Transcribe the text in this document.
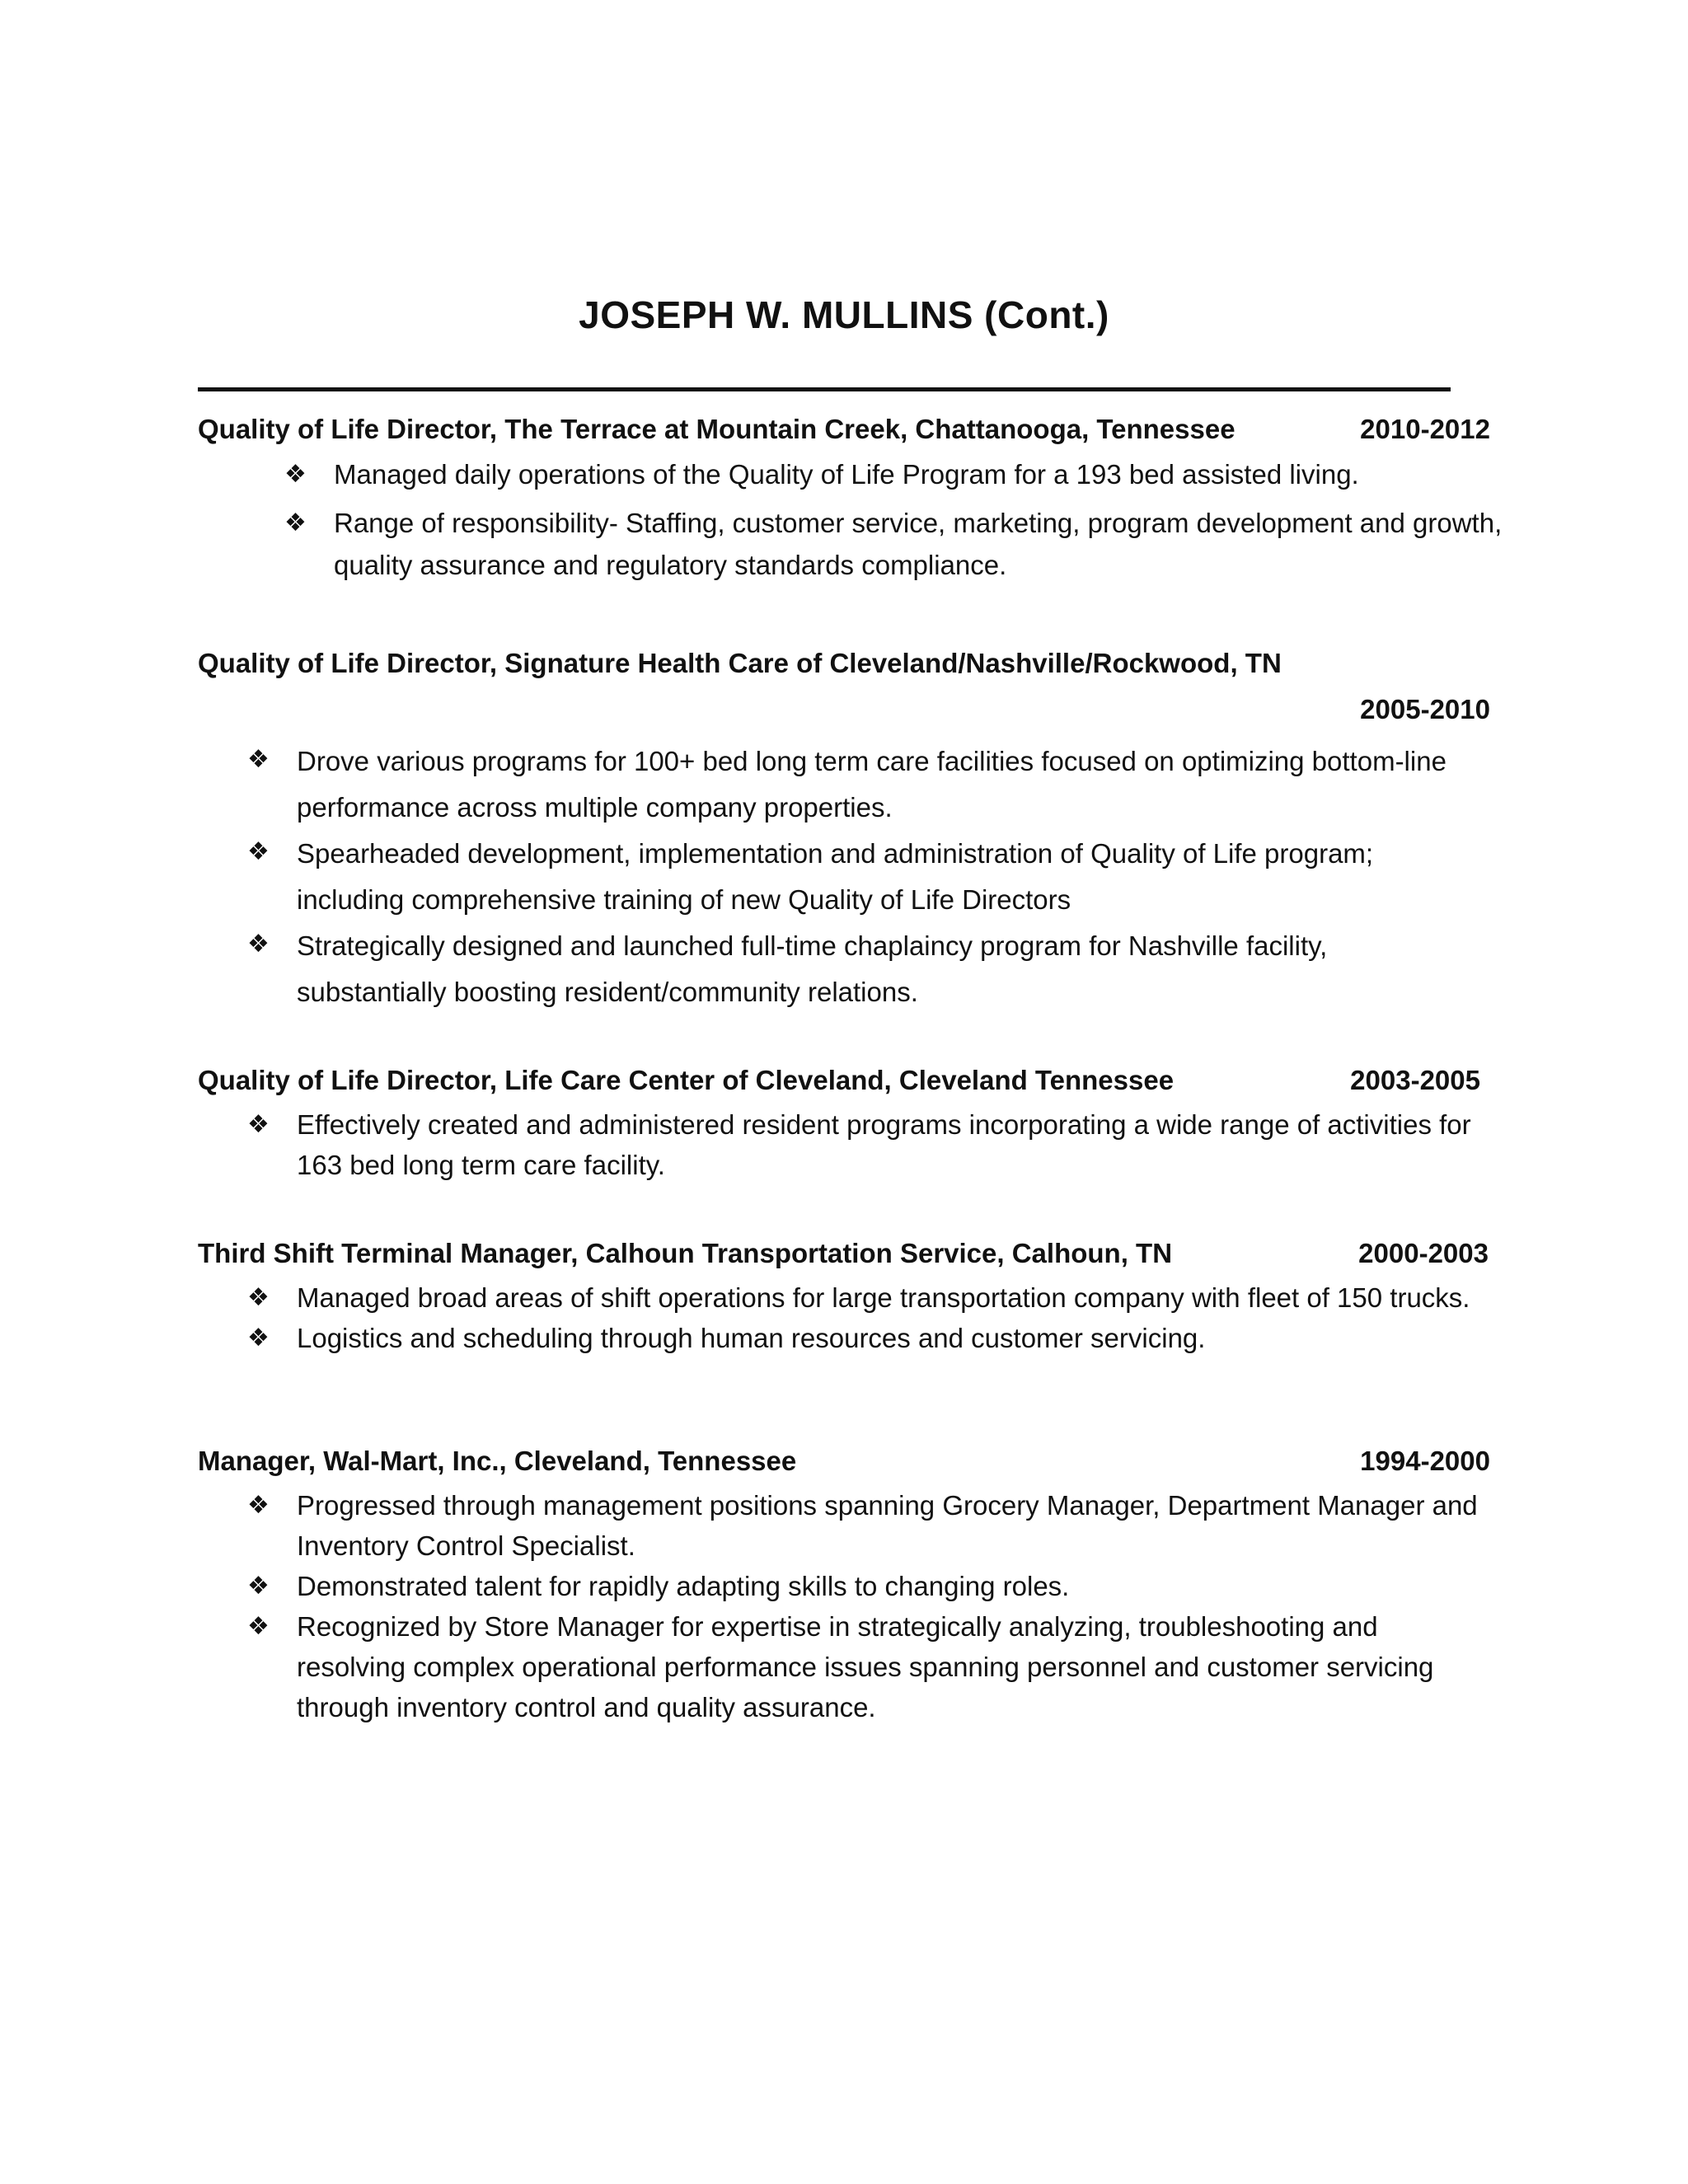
JOSEPH W. MULLINS (Cont.)
Quality of Life Director, The Terrace at Mountain Creek, Chattanooga, Tennessee	2010-2012
❖ Managed daily operations of the Quality of Life Program for a 193 bed assisted living.
❖ Range of responsibility- Staffing, customer service, marketing, program development and growth, quality assurance and regulatory standards compliance.
Quality of Life Director, Signature Health Care of Cleveland/Nashville/Rockwood, TN
2005-2010
❖ Drove various programs for 100+ bed long term care facilities focused on optimizing bottom-line performance across multiple company properties.
❖ Spearheaded development, implementation and administration of Quality of Life program; including comprehensive training of new Quality of Life Directors
❖ Strategically designed and launched full-time chaplaincy program for Nashville facility, substantially boosting resident/community relations.
Quality of Life Director, Life Care Center of Cleveland, Cleveland Tennessee	2003-2005
❖ Effectively created and administered resident programs incorporating a wide range of activities for 163 bed long term care facility.
Third Shift Terminal Manager, Calhoun Transportation Service, Calhoun, TN	2000-2003
❖ Managed broad areas of shift operations for large transportation company with fleet of 150 trucks.
❖ Logistics and scheduling through human resources and customer servicing.
Manager, Wal-Mart, Inc., Cleveland, Tennessee	1994-2000
❖ Progressed through management positions spanning Grocery Manager, Department Manager and Inventory Control Specialist.
❖ Demonstrated talent for rapidly adapting skills to changing roles.
❖ Recognized by Store Manager for expertise in strategically analyzing, troubleshooting and resolving complex operational performance issues spanning personnel and customer servicing through inventory control and quality assurance.
